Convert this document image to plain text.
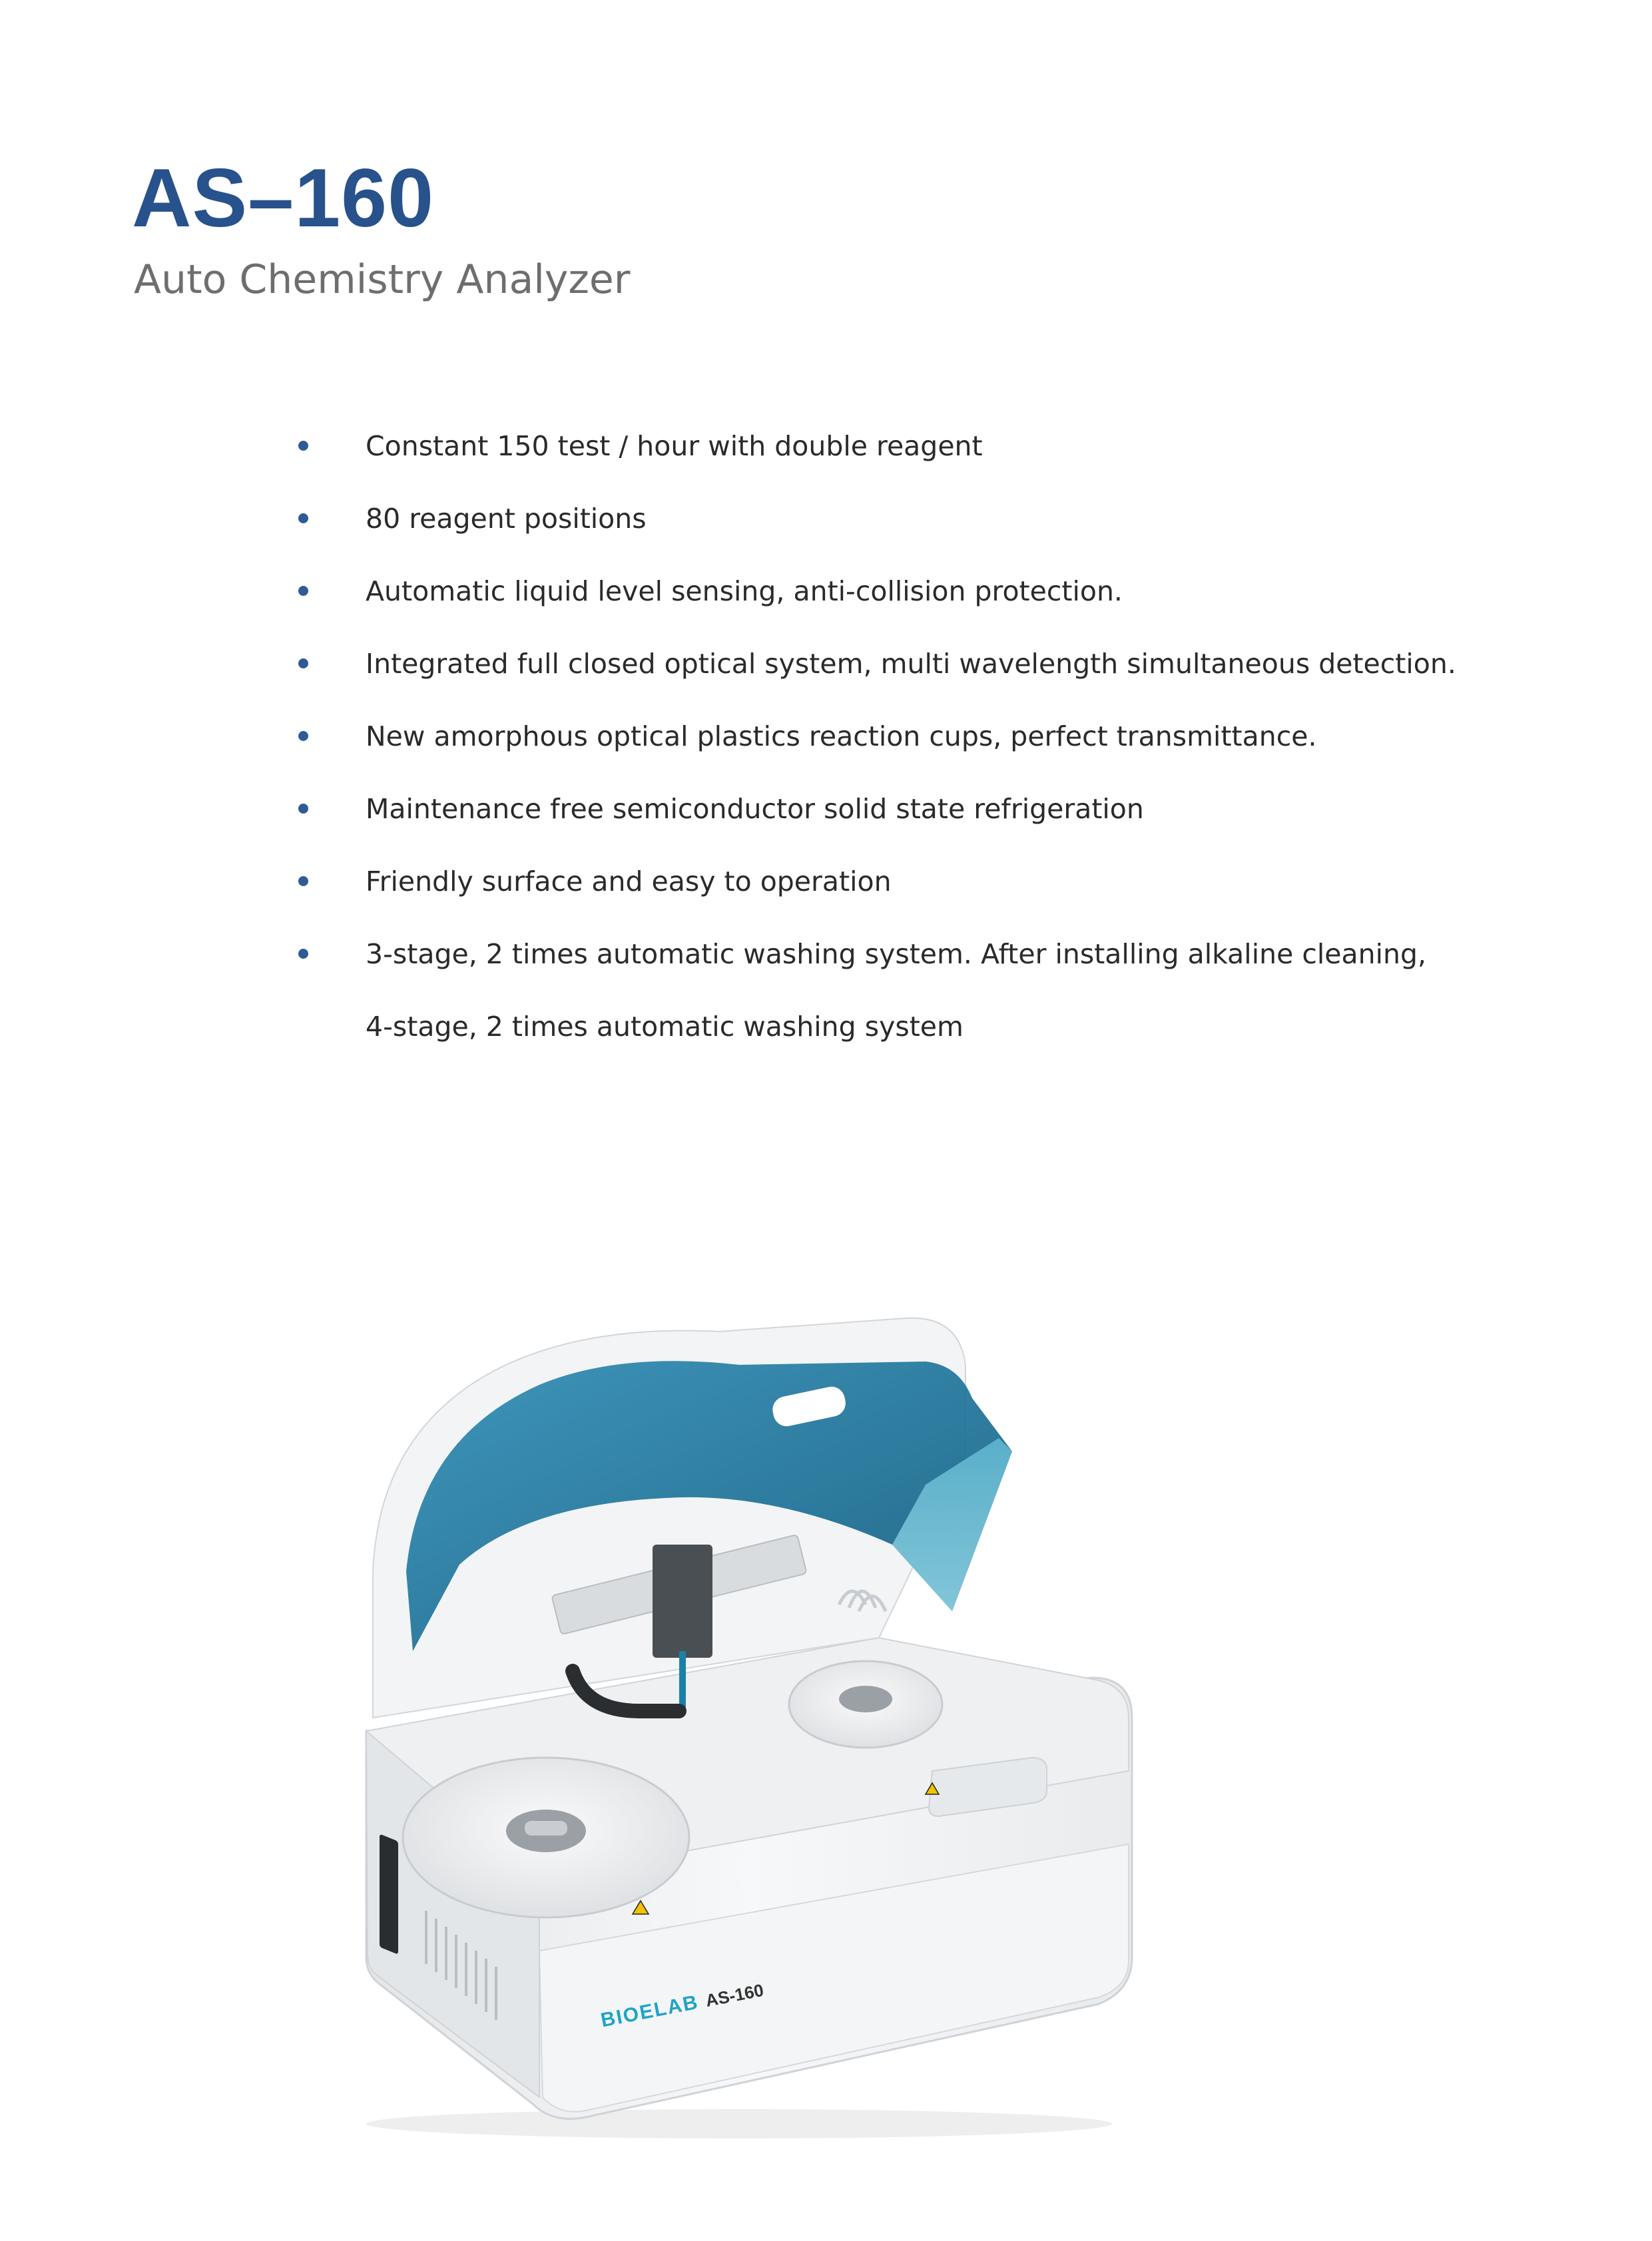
AS–160
Auto Chemistry Analyzer
Constant 150 test / hour with double reagent
80 reagent positions
Automatic liquid level sensing, anti-collision protection.
Integrated full closed optical system, multi wavelength simultaneous detection.
New amorphous optical plastics reaction cups, perfect transmittance.
Maintenance free semiconductor solid state refrigeration
Friendly surface and easy to operation
3-stage, 2 times automatic washing system. After installing alkaline cleaning,
4-stage, 2 times automatic washing system
BIOELAB AS-160
